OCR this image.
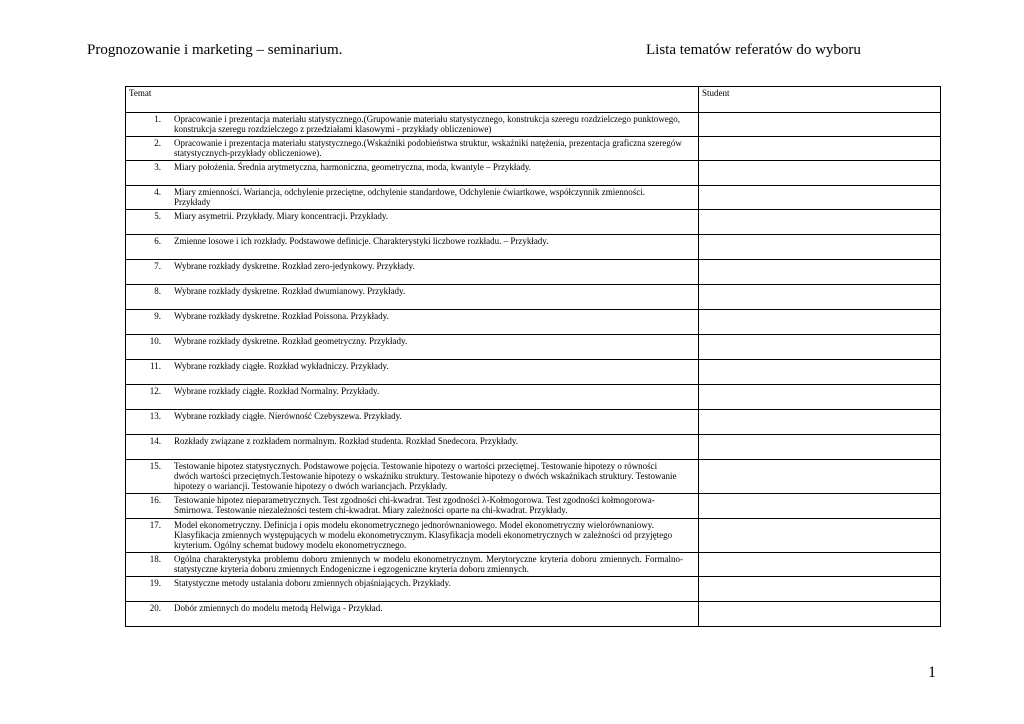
Prognozowanie i marketing – seminarium.	Lista tematów referatów do wyboru
Temat	Student

1. Opracowanie i prezentacja materiału statystycznego.(Grupowanie materiału statystycznego, konstrukcja szeregu rozdzielczego punktowego, konstrukcja szeregu rozdzielczego z przedziałami klasowymi - przykłady obliczeniowe)	

2. Opracowanie i prezentacja materiału statystycznego.(Wskaźniki podobieństwa struktur, wskaźniki natężenia, prezentacja graficzna szeregów statystycznych-przykłady obliczeniowe).	

3. Miary położenia. Średnia arytmetyczna, harmoniczna, geometryczna, moda, kwantyle – Przykłady.	

4. Miary zmienności. Wariancja, odchylenie przeciętne, odchylenie standardowe, Odchylenie ćwiartkowe, współczynnik zmienności. Przykłady	

5. Miary asymetrii. Przykłady. Miary koncentracji. Przykłady.	

6. Zmienne losowe i ich rozkłady. Podstawowe definicje. Charakterystyki liczbowe rozkładu. – Przykłady.	

7. Wybrane rozkłady dyskretne. Rozkład zero-jedynkowy. Przykłady.	

8. Wybrane rozkłady dyskretne. Rozkład dwumianowy. Przykłady.	

9. Wybrane rozkłady dyskretne. Rozkład Poissona. Przykłady.	

10. Wybrane rozkłady dyskretne. Rozkład geometryczny. Przykłady.	

11. Wybrane rozkłady ciągłe. Rozkład wykładniczy. Przykłady.	

12. Wybrane rozkłady ciągłe. Rozkład Normalny. Przykłady.	

13. Wybrane rozkłady ciągłe. Nierówność Czebyszewa. Przykłady.	

14. Rozkłady związane z rozkładem normalnym. Rozkład studenta. Rozkład Snedecora. Przykłady.	

15. Testowanie hipotez statystycznych. Podstawowe pojęcia. Testowanie hipotezy o wartości przeciętnej. Testowanie hipotezy o równości dwóch wartości przeciętnych.Testowanie hipotezy o wskaźniku struktury. Testowanie hipotezy o dwóch wskaźnikach struktury. Testowanie hipotezy o wariancji. Testowanie hipotezy o dwóch wariancjach. Przykłady.	

16. Testowanie hipotez nieparametrycznych. Test zgodności chi-kwadrat. Test zgodności λ-Kołmogorowa. Test zgodności kołmogorowa-Smirnowa. Testowanie niezależności testem chi-kwadrat. Miary zależności oparte na chi-kwadrat. Przykłady.	

17. Model ekonometryczny. Definicja i opis modelu ekonometrycznego jednorównaniowego. Model ekonometryczny wielorównaniowy. Klasyfikacja zmiennych występujących w modelu ekonometrycznym. Klasyfikacja modeli ekonometrycznych w zależności od przyjętego kryterium. Ogólny schemat budowy modelu ekonometrycznego.	

18. Ogólna charakterystyka problemu doboru zmiennych w modelu ekonometrycznym. Merytoryczne kryteria doboru zmiennych. Formalno-statystyczne kryteria doboru zmiennych Endogeniczne i egzogeniczne kryteria doboru zmiennych.	

19. Statystyczne metody ustalania doboru zmiennych objaśniających. Przykłady.	

20. Dobór zmiennych do modelu metodą Helwiga - Przykład.	

1
